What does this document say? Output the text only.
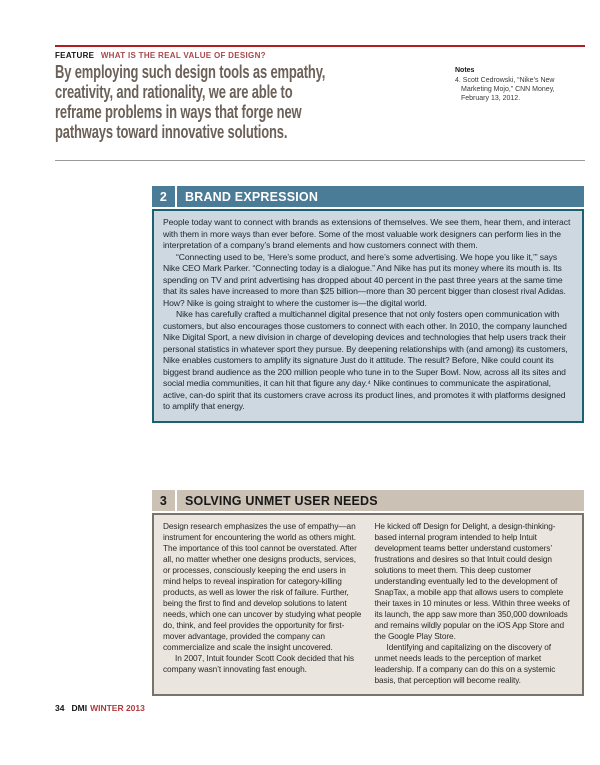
FEATURE WHAT IS THE REAL VALUE OF DESIGN?
By employing such design tools as empathy,
creativity, and rationality, we are able to
reframe problems in ways that forge new
pathways toward innovative solutions.
Notes
4. Scott Cedrowski, “Nike’s New Marketing Mojo,” CNN Money, February 13, 2012.
2	BRAND EXPRESSION

People today want to connect with brands as extensions of themselves. We see them, hear them, and interact with them in more ways than ever before. Some of the most valuable work designers can perform lies in the interpretation of a company’s brand elements and how customers connect with them.

“Connecting used to be, ‘Here’s some product, and here’s some advertising. We hope you like it,’” says Nike CEO Mark Parker. “Connecting today is a dialogue.” And Nike has put its money where its mouth is. Its spending on TV and print advertising has dropped about 40 percent in the past three years at the same time that its sales have increased to more than $25 billion—more than 30 percent bigger than closest rival Adidas. How? Nike is going straight to where the customer is—the digital world.

Nike has carefully crafted a multichannel digital presence that not only fosters open communication with customers, but also encourages those customers to connect with each other. In 2010, the company launched Nike Digital Sport, a new division in charge of developing devices and technologies that help users track their personal statistics in whatever sport they pursue. By deepening relationships with (and among) its customers, Nike enables customers to amplify its signature Just do it attitude. The result? Before, Nike could count its biggest brand audience as the 200 million people who tune in to the Super Bowl. Now, across all its sites and social media communities, it can hit that figure any day.⁴ Nike continues to communicate the aspirational, active, can-do spirit that its customers crave across its product lines, and promotes it with platforms designed to amplify that energy.

3	SOLVING UNMET USER NEEDS

Design research emphasizes the use of empathy—an instrument for encountering the world as others might. The importance of this tool cannot be overstated. After all, no matter whether one designs products, services, or processes, consciously keeping the end users in mind helps to reveal inspiration for category-killing products, as well as lower the risk of failure. Further, being the first to find and develop solutions to latent needs, which one can uncover by studying what people do, think, and feel provides the opportunity for first-mover advantage, provided the company can commercialize and scale the insight uncovered.

In 2007, Intuit founder Scott Cook decided that his company wasn’t innovating fast enough.

He kicked off Design for Delight, a design-thinking-based internal program intended to help Intuit development teams better understand customers’ frustrations and desires so that Intuit could design solutions to meet them. This deep customer understanding eventually led to the development of SnapTax, a mobile app that allows users to complete their taxes in 10 minutes or less. Within three weeks of its launch, the app saw more than 350,000 downloads and remains wildly popular on the iOS App Store and the Google Play Store.

Identifying and capitalizing on the discovery of unmet needs leads to the perception of market leadership. If a company can do this on a systemic basis, that perception will become reality.

34 DMI WINTER 2013
